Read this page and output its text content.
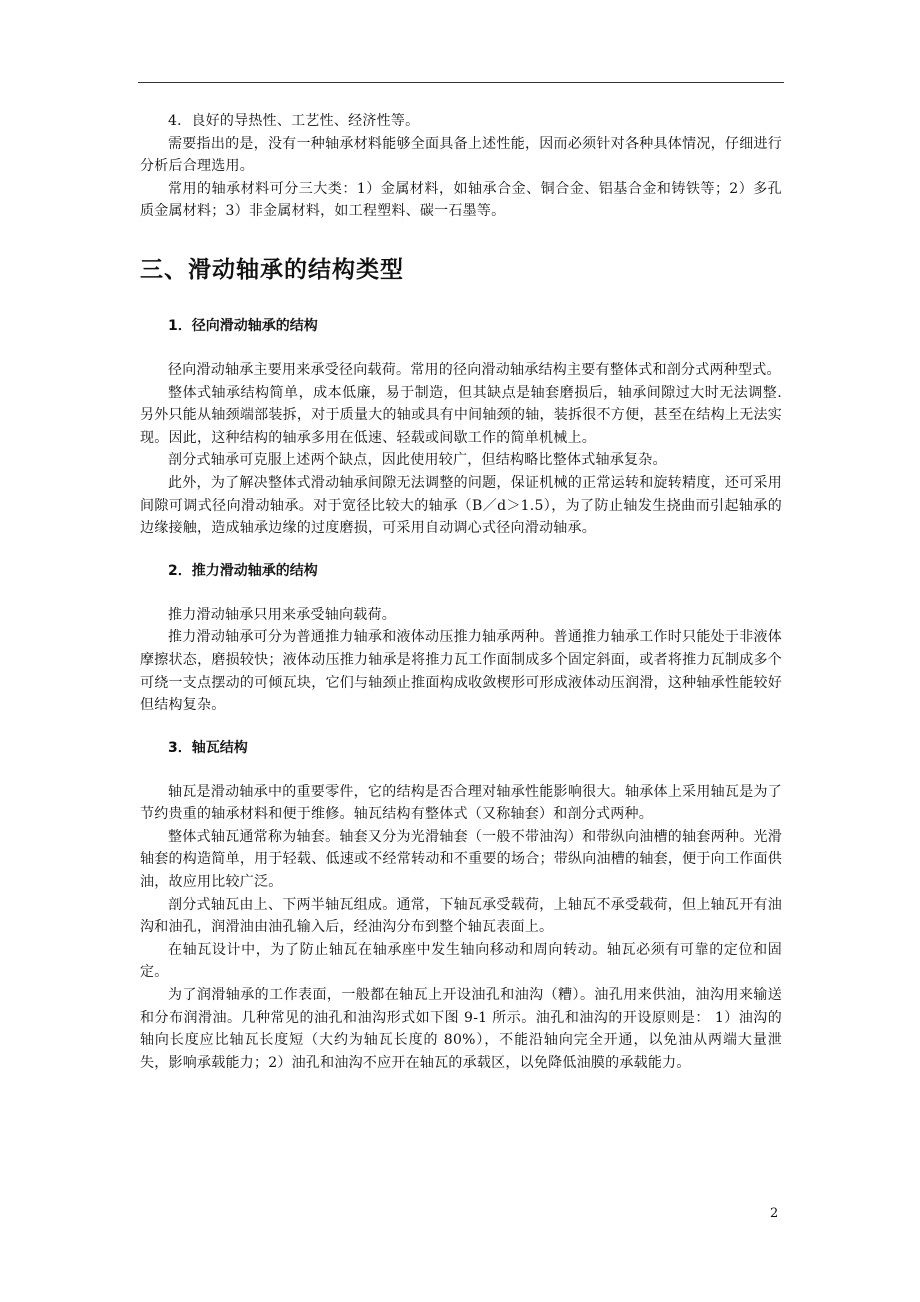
4．良好的导热性、工艺性、经济性等。

需要指出的是，没有一种轴承材料能够全面具备上述性能，因而必须针对各种具体情况，仔细进行分析后合理选用。

常用的轴承材料可分三大类：1）金属材料，如轴承合金、铜合金、铝基合金和铸铁等；2）多孔质金属材料；3）非金属材料，如工程塑料、碳一石墨等。

三、滑动轴承的结构类型
1．径向滑动轴承的结构

径向滑动轴承主要用来承受径向载荷。常用的径向滑动轴承结构主要有整体式和剖分式两种型式。

整体式轴承结构简单，成本低廉，易于制造，但其缺点是轴套磨损后，轴承间隙过大时无法调整. 另外只能从轴颈端部装拆，对于质量大的轴或具有中间轴颈的轴，装拆很不方便，甚至在结构上无法实现。因此，这种结构的轴承多用在低速、轻载或间歇工作的简单机械上。

剖分式轴承可克服上述两个缺点，因此使用较广，但结构略比整体式轴承复杂。

此外，为了解决整体式滑动轴承间隙无法调整的问题，保证机械的正常运转和旋转精度，还可采用间隙可调式径向滑动轴承。对于宽径比较大的轴承（B／d＞1.5），为了防止轴发生挠曲而引起轴承的边缘接触，造成轴承边缘的过度磨损，可采用自动调心式径向滑动轴承。

2．推力滑动轴承的结构

推力滑动轴承只用来承受轴向载荷。

推力滑动轴承可分为普通推力轴承和液体动压推力轴承两种。普通推力轴承工作时只能处于非液体摩擦状态，磨损较快；液体动压推力轴承是将推力瓦工作面制成多个固定斜面，或者将推力瓦制成多个可绕一支点摆动的可倾瓦块，它们与轴颈止推面构成收敛楔形可形成液体动压润滑，这种轴承性能较好但结构复杂。

3．轴瓦结构

轴瓦是滑动轴承中的重要零件，它的结构是否合理对轴承性能影响很大。轴承体上采用轴瓦是为了节约贵重的轴承材料和便于维修。轴瓦结构有整体式（又称轴套）和剖分式两种。

整体式轴瓦通常称为轴套。轴套又分为光滑轴套（一般不带油沟）和带纵向油槽的轴套两种。光滑轴套的构造简单，用于轻载、低速或不经常转动和不重要的场合；带纵向油槽的轴套，便于向工作面供油，故应用比较广泛。

剖分式轴瓦由上、下两半轴瓦组成。通常，下轴瓦承受载荷，上轴瓦不承受载荷，但上轴瓦开有油沟和油孔，润滑油由油孔输入后，经油沟分布到整个轴瓦表面上。

在轴瓦设计中，为了防止轴瓦在轴承座中发生轴向移动和周向转动。轴瓦必须有可靠的定位和固定。

为了润滑轴承的工作表面，一般都在轴瓦上开设油孔和油沟（糟）。油孔用来供油，油沟用来输送和分布润滑油。几种常见的油孔和油沟形式如下图 9-1 所示。油孔和油沟的开设原则是： 1）油沟的轴向长度应比轴瓦长度短（大约为轴瓦长度的 80%），不能沿轴向完全开通，以免油从两端大量泄失，影响承载能力；2）油孔和油沟不应开在轴瓦的承载区，以免降低油膜的承载能力。

2
